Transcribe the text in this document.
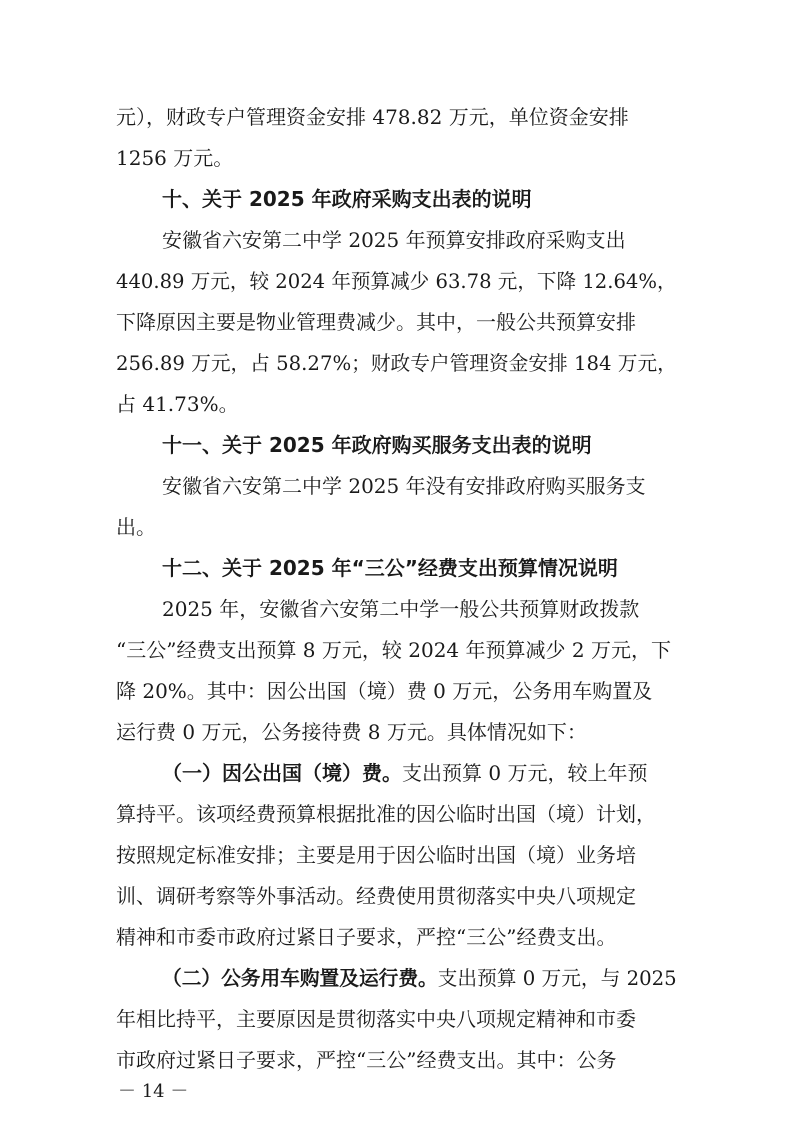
元），财政专户管理资金安排 478.82 万元，单位资金安排
1256 万元。
十、关于 2025 年政府采购支出表的说明
安徽省六安第二中学 2025 年预算安排政府采购支出
440.89 万元，较 2024 年预算减少 63.78 元，下降 12.64%，
下降原因主要是物业管理费减少。其中，一般公共预算安排
256.89 万元，占 58.27%；财政专户管理资金安排 184 万元，
占 41.73%。
十一、关于 2025 年政府购买服务支出表的说明
安徽省六安第二中学 2025 年没有安排政府购买服务支
出。
十二、关于 2025 年“三公”经费支出预算情况说明
2025 年，安徽省六安第二中学一般公共预算财政拨款
“三公”经费支出预算 8 万元，较 2024 年预算减少 2 万元，下
降 20%。其中：因公出国（境）费 0 万元，公务用车购置及
运行费 0 万元，公务接待费 8 万元。具体情况如下：
（一）因公出国（境）费。支出预算 0 万元，较上年预
算持平。该项经费预算根据批准的因公临时出国（境）计划，
按照规定标准安排；主要是用于因公临时出国（境）业务培
训、调研考察等外事活动。经费使用贯彻落实中央八项规定
精神和市委市政府过紧日子要求，严控“三公”经费支出。
（二）公务用车购置及运行费。支出预算 0 万元，与 2025
年相比持平，主要原因是贯彻落实中央八项规定精神和市委
市政府过紧日子要求，严控“三公”经费支出。其中：公务
－ 14 －
